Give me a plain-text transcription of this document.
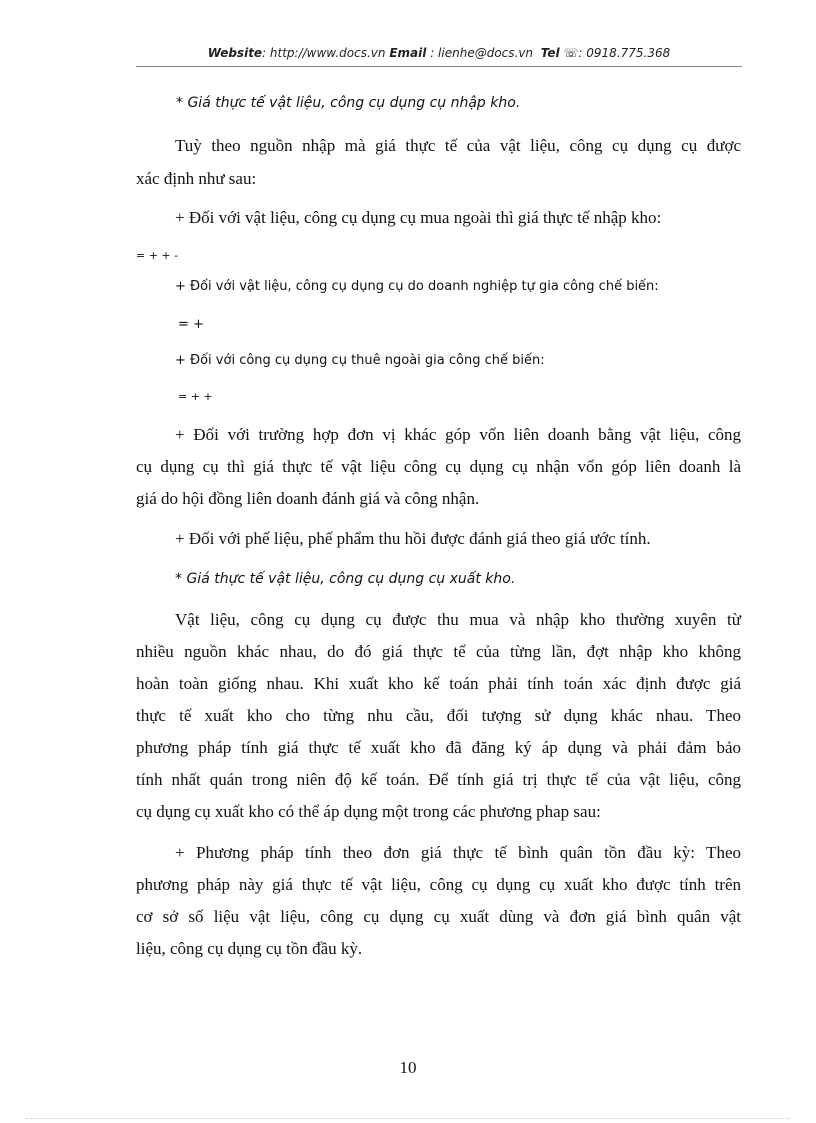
Website: http://www.docs.vn Email : lienhe@docs.vn Tel ☏: 0918.775.368
* Giá thực tế vật liệu, công cụ dụng cụ nhập kho.
Tuỳ theo nguồn nhập mà giá thực tế của vật liệu, công cụ dụng cụ được
xác định như sau:
+ Đối với vật liệu, công cụ dụng cụ mua ngoài thì giá thực tế nhập kho:
= + + -
+ Đối với vật liệu, công cụ dụng cụ do doanh nghiệp tự gia công chế biến:
= +
+ Đối với công cụ dụng cụ thuê ngoài gia công chế biến:
= + +
+ Đối với trường hợp đơn vị khác góp vốn liên doanh bằng vật liệu, công
cụ dụng cụ thì giá thực tế vật liệu công cụ dụng cụ nhận vốn góp liên doanh là
giá do hội đồng liên doanh đánh giá và công nhận.
+ Đối với phế liệu, phế phẩm thu hồi được đánh giá theo giá ước tính.
* Giá thực tế vật liệu, công cụ dụng cụ xuất kho.
Vật liệu, công cụ dụng cụ được thu mua và nhập kho thường xuyên từ
nhiều nguồn khác nhau, do đó giá thực tế của từng lần, đợt nhập kho không
hoàn toàn giống nhau. Khi xuất kho kế toán phải tính toán xác định được giá
thực tế xuất kho cho từng nhu cầu, đối tượng sử dụng khác nhau. Theo
phương pháp tính giá thực tế xuất kho đã đăng ký áp dụng và phải đảm bảo
tính nhất quán trong niên độ kế toán. Để tính giá trị thực tế của vật liệu, công
cụ dụng cụ xuất kho có thể áp dụng một trong các phương phap sau:
+ Phương pháp tính theo đơn giá thực tế bình quân tồn đầu kỳ: Theo
phương pháp này giá thực tế vật liệu, công cụ dụng cụ xuất kho được tính trên
cơ sở số liệu vật liệu, công cụ dụng cụ xuất dùng và đơn giá bình quân vật
liệu, công cụ dụng cụ tồn đầu kỳ.
10
